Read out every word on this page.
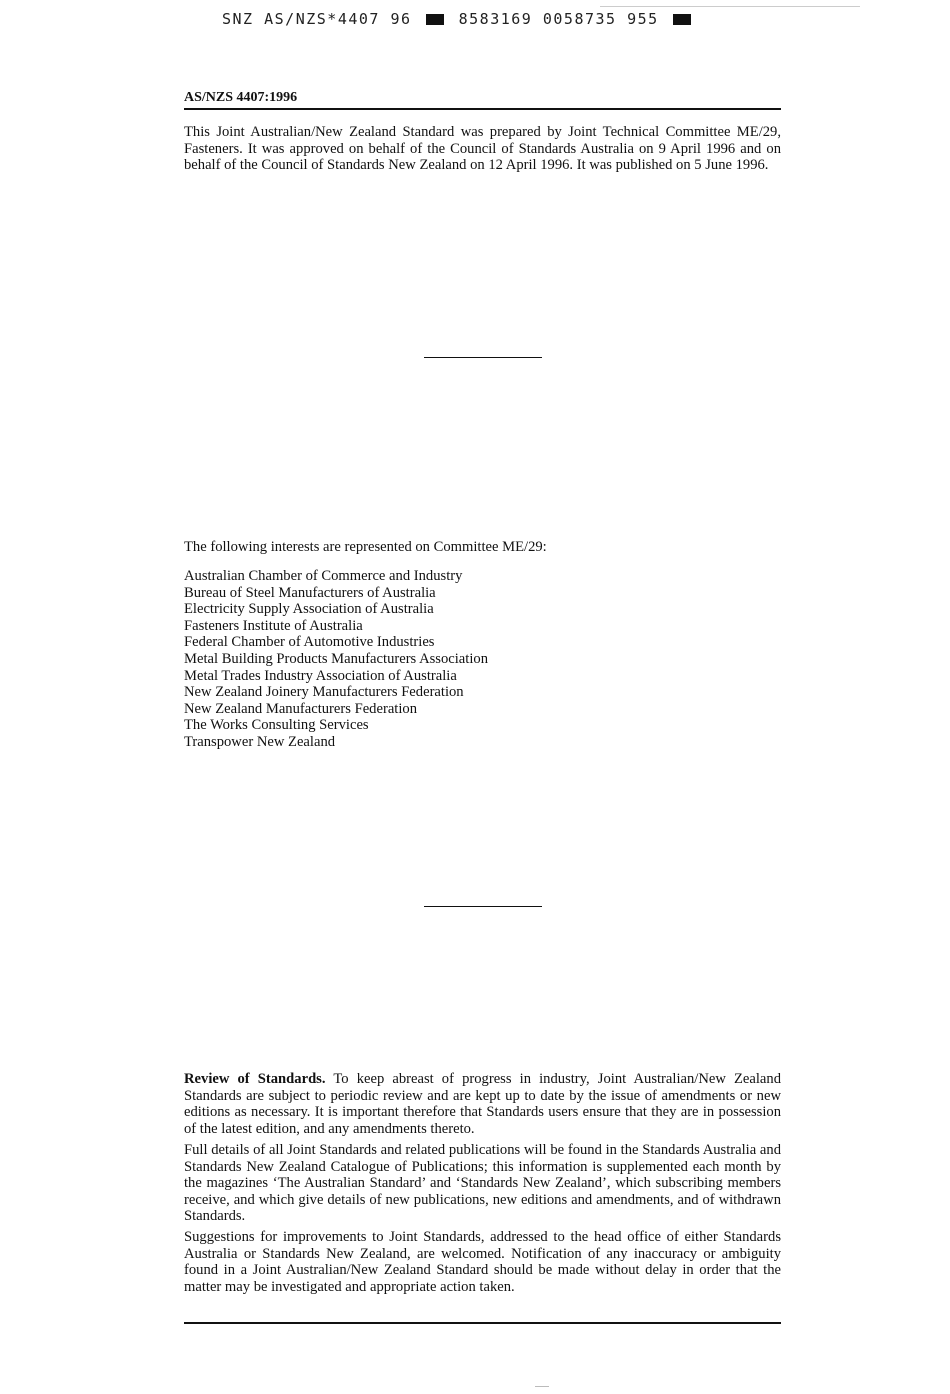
SNZ AS/NZS*4407 96	8583169 0058735 955
AS/NZS 4407:1996

This Joint Australian/New Zealand Standard was prepared by Joint Technical Committee ME/29, Fasteners. It was approved on behalf of the Council of Standards Australia on 9 April 1996 and on behalf of the Council of Standards New Zealand on 12 April 1996. It was published on 5 June 1996.

The following interests are represented on Committee ME/29:

Australian Chamber of Commerce and Industry
Bureau of Steel Manufacturers of Australia
Electricity Supply Association of Australia
Fasteners Institute of Australia
Federal Chamber of Automotive Industries
Metal Building Products Manufacturers Association
Metal Trades Industry Association of Australia
New Zealand Joinery Manufacturers Federation
New Zealand Manufacturers Federation
The Works Consulting Services
Transpower New Zealand

Review of Standards. To keep abreast of progress in industry, Joint Australian/New Zealand Standards are subject to periodic review and are kept up to date by the issue of amendments or new editions as necessary. It is important therefore that Standards users ensure that they are in possession of the latest edition, and any amendments thereto.

Full details of all Joint Standards and related publications will be found in the Standards Australia and Standards New Zealand Catalogue of Publications; this information is supplemented each month by the magazines ‘The Australian Standard’ and ‘Standards New Zealand’, which subscribing members receive, and which give details of new publications, new editions and amendments, and of withdrawn Standards.

Suggestions for improvements to Joint Standards, addressed to the head office of either Standards Australia or Standards New Zealand, are welcomed. Notification of any inaccuracy or ambiguity found in a Joint Australian/New Zealand Standard should be made without delay in order that the matter may be investigated and appropriate action taken.
